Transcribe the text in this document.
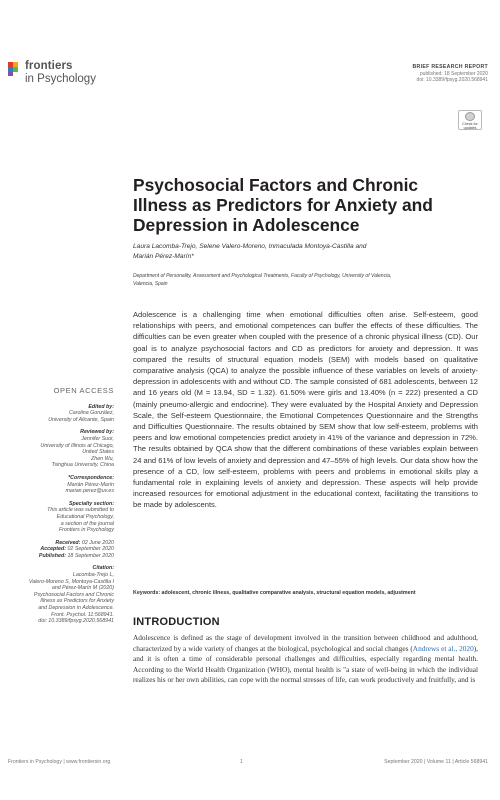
frontiers
in Psychology
BRIEF RESEARCH REPORT
published: 18 September 2020
doi: 10.3389/fpsyg.2020.568941
Check for updates
Psychosocial Factors and Chronic Illness as Predictors for Anxiety and Depression in Adolescence
Laura Lacomba-Trejo, Selene Valero-Moreno, Inmaculada Montoya-Castilla and
Marián Pérez-Marín*
Department of Personality, Assessment and Psychological Treatments, Faculty of Psychology, University of Valencia,
Valencia, Spain
Adolescence is a challenging time when emotional difficulties often arise. Self-esteem, good relationships with peers, and emotional competences can buffer the effects of these difficulties. The difficulties can be even greater when coupled with the presence of a chronic physical illness (CD). Our goal is to analyze psychosocial factors and CD as predictors for anxiety and depression. It was compared the results of structural equation models (SEM) with models based on qualitative comparative analysis (QCA) to analyze the possible influence of these variables on levels of anxiety-depression in adolescents with and without CD. The sample consisted of 681 adolescents, between 12 and 16 years old (M = 13.94, SD = 1.32). 61.50% were girls and 13.40% (n = 222) presented a CD (mainly pneumo-allergic and endocrine). They were evaluated by the Hospital Anxiety and Depression Scale, the Self-esteem Questionnaire, the Emotional Competences Questionnaire and the Strengths and Difficulties Questionnaire. The results obtained by SEM show that low self-esteem, problems with peers and low emotional competencies predict anxiety in 41% of the variance and depression in 72%. The results obtained by QCA show that the different combinations of these variables explain between 24 and 61% of low levels of anxiety and depression and 47–55% of high levels. Our data show how the presence of a CD, low self-esteem, problems with peers and problems in emotional skills play a fundamental role in explaining levels of anxiety and depression. These aspects will help provide increased resources for emotional adjustment in the educational context, facilitating the transitions to be made by adolescents.
Keywords: adolescent, chronic illness, qualitative comparative analysis, structural equation models, adjustment
OPEN ACCESS
Edited by:
Carolina González,
University of Alicante, Spain
Reviewed by:
Jennifer Suor,
University of Illinois at Chicago,
United States
Zhen Wu,
Tsinghua University, China
*Correspondence:
Marián Pérez-Marín
marian.perez@uv.es
Specialty section:
This article was submitted to
Educational Psychology,
a section of the journal
Frontiers in Psychology
Received: 02 June 2020
Accepted: 02 September 2020
Published: 18 September 2020
Citation:
Lacomba-Trejo L,
Valero-Moreno S, Montoya-Castilla I
and Pérez-Marín M (2020)
Psychosocial Factors and Chronic
Illness as Predictors for Anxiety
and Depression in Adolescence.
Front. Psychol. 11:568941.
doi: 10.3389/fpsyg.2020.568941 INTRODUCTION
Adolescence is defined as the stage of development involved in the transition between childhood and adulthood, characterized by a wide variety of changes at the biological, psychological and social changes (Andrews et al., 2020), and it is often a time of considerable personal challenges and difficulties, especially regarding mental health. According to the World Health Organization (WHO), mental health is "a state of well-being in which the individual realizes his or her own abilities, can cope with the normal stresses of life, can work productively and fruitfully, and is
Frontiers in Psychology | www.frontiersin.org	1	September 2020 | Volume 11 | Article 568941
